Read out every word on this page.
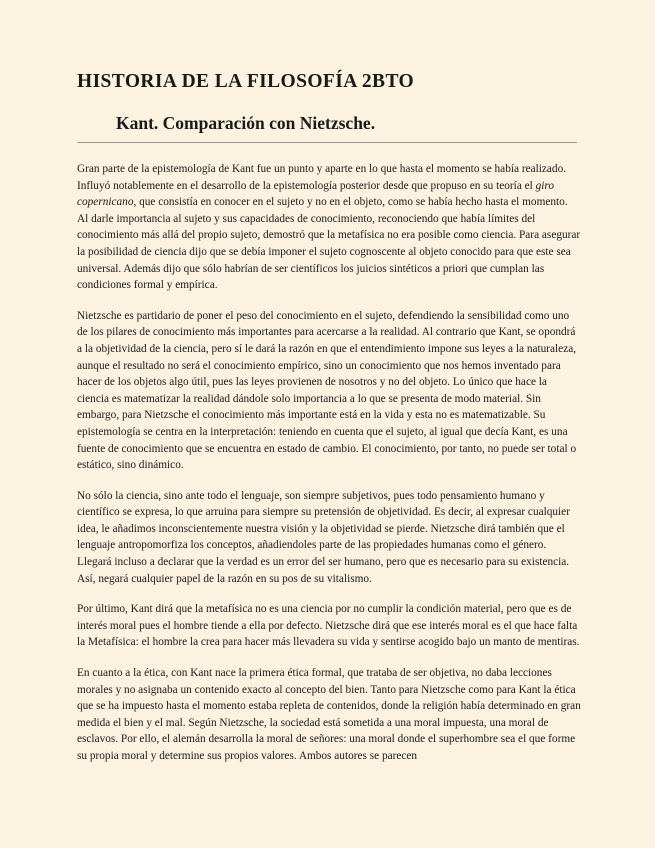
HISTORIA DE LA FILOSOFÍA 2BTO
Kant. Comparación con Nietzsche.

Gran parte de la epistemología de Kant fue un punto y aparte en lo que hasta el momento se había realizado. Influyó notablemente en el desarrollo de la epistemología posterior desde que propuso en su teoría el giro copernicano, que consistía en conocer en el sujeto y no en el objeto, como se había hecho hasta el momento. Al darle importancia al sujeto y sus capacidades de conocimiento, reconociendo que había límites del conocimiento más allá del propio sujeto, demostró que la metafísica no era posible como ciencia. Para asegurar la posibilidad de ciencia dijo que se debía imponer el sujeto cognoscente al objeto conocido para que este sea universal. Además dijo que sólo habrían de ser científicos los juicios sintéticos a priori que cumplan las condiciones formal y empírica.

Nietzsche es partidario de poner el peso del conocimiento en el sujeto, defendiendo la sensibilidad como uno de los pilares de conocimiento más importantes para acercarse a la realidad. Al contrario que Kant, se opondrá a la objetividad de la ciencia, pero sí le dará la razón en que el entendimiento impone sus leyes a la naturaleza, aunque el resultado no será el conocimiento empírico, sino un conocimiento que nos hemos inventado para hacer de los objetos algo útil, pues las leyes provienen de nosotros y no del objeto. Lo único que hace la ciencia es matematizar la realidad dándole solo importancia a lo que se presenta de modo material. Sin embargo, para Nietzsche el conocimiento más importante está en la vida y esta no es matematizable. Su epistemología se centra en la interpretación: teniendo en cuenta que el sujeto, al igual que decía Kant, es una fuente de conocimiento que se encuentra en estado de cambio. El conocimiento, por tanto, no puede ser total o estático, sino dinámico.

No sólo la ciencia, sino ante todo el lenguaje, son siempre subjetivos, pues todo pensamiento humano y científico se expresa, lo que arruina para siempre su pretensión de objetividad. Es decir, al expresar cualquier idea, le añadimos inconscientemente nuestra visión y la objetividad se pierde. Nietzsche dirá también que el lenguaje antropomorfiza los conceptos, añadiendoles parte de las propiedades humanas como el género. Llegará incluso a declarar que la verdad es un error del ser humano, pero que es necesario para su existencia. Así, negará cualquier papel de la razón en su pos de su vitalismo.

Por último, Kant dirá que la metafísica no es una ciencia por no cumplir la condición material, pero que es de interés moral pues el hombre tiende a ella por defecto. Nietzsche dirá que ese interés moral es el que hace falta la Metafísica: el hombre la crea para hacer más llevadera su vida y sentirse acogido bajo un manto de mentiras.

En cuanto a la ética, con Kant nace la primera ética formal, que trataba de ser objetiva, no daba lecciones morales y no asignaba un contenido exacto al concepto del bien. Tanto para Nietzsche como para Kant la ética que se ha impuesto hasta el momento estaba repleta de contenidos, donde la religión había determinado en gran medida el bien y el mal. Según Nietzsche, la sociedad está sometida a una moral impuesta, una moral de esclavos. Por ello, el alemán desarrolla la moral de señores: una moral donde el superhombre sea el que forme su propia moral y determine sus propios valores. Ambos autores se parecen
